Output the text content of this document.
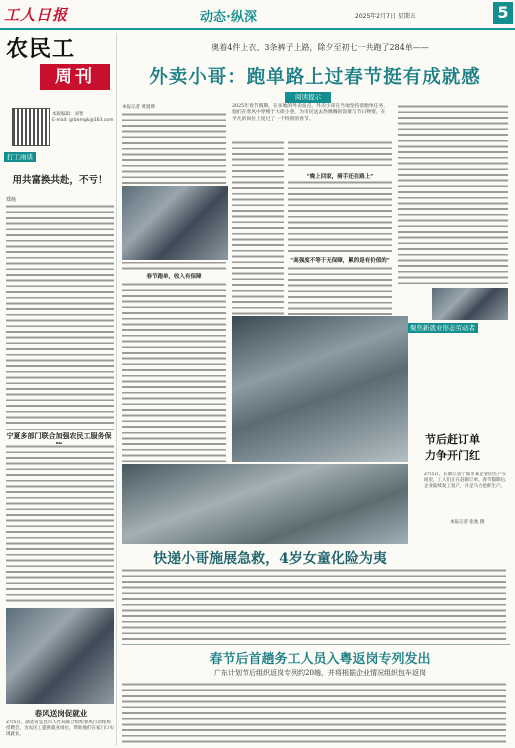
工人日报	动态·纵深	2025年2月7日 星期五	5
农民工
周刊
本版编辑：刘智
E-mail: grbnmgk@163.com
打工雨谈
用共富换共赴，不亏！
郑杨
宁夏多部门联合加强农民工服务保
春风送岗促就业
2月5日，湖北省宜昌市人社局联合组织春风行动现场招聘会，为农民工提供就业岗位，帮助他们在家门口实现就业。
奥着4件上衣、3条裤子上路，除夕至初七一共跑了284单——
外卖小哥：跑单路上过春节挺有成就感
阅读提示
2025年春节假期，在多地的外卖站点，外卖小哥在当地坚持着跑单任务，他们在寒风中穿梭于大街小巷，为市民送去热腾腾的饭菜与节日物资，在平凡的岗位上度过了一个特别的春节。
本报记者 黄润瑛
春节跑单，收入有保障
“晚上回家，骑手还在路上”
“高强度不等于无保障，累的是有价值的”
聚焦新就业形态劳动者
节后赶订单
力争开门红
2月5日，在浙江省宁波市某企业的生产车间里，工人们正在赶制订单。春节假期后，企业陆续复工复产，开足马力抢抓生产。
本报记者 张弛 摄
快递小哥施展急救，4岁女童化险为夷
春节后首趟务工人员入粤返岗专列发出
广东计划节后组织返岗专列约20趟，并将根据企业情况组织包车返岗
